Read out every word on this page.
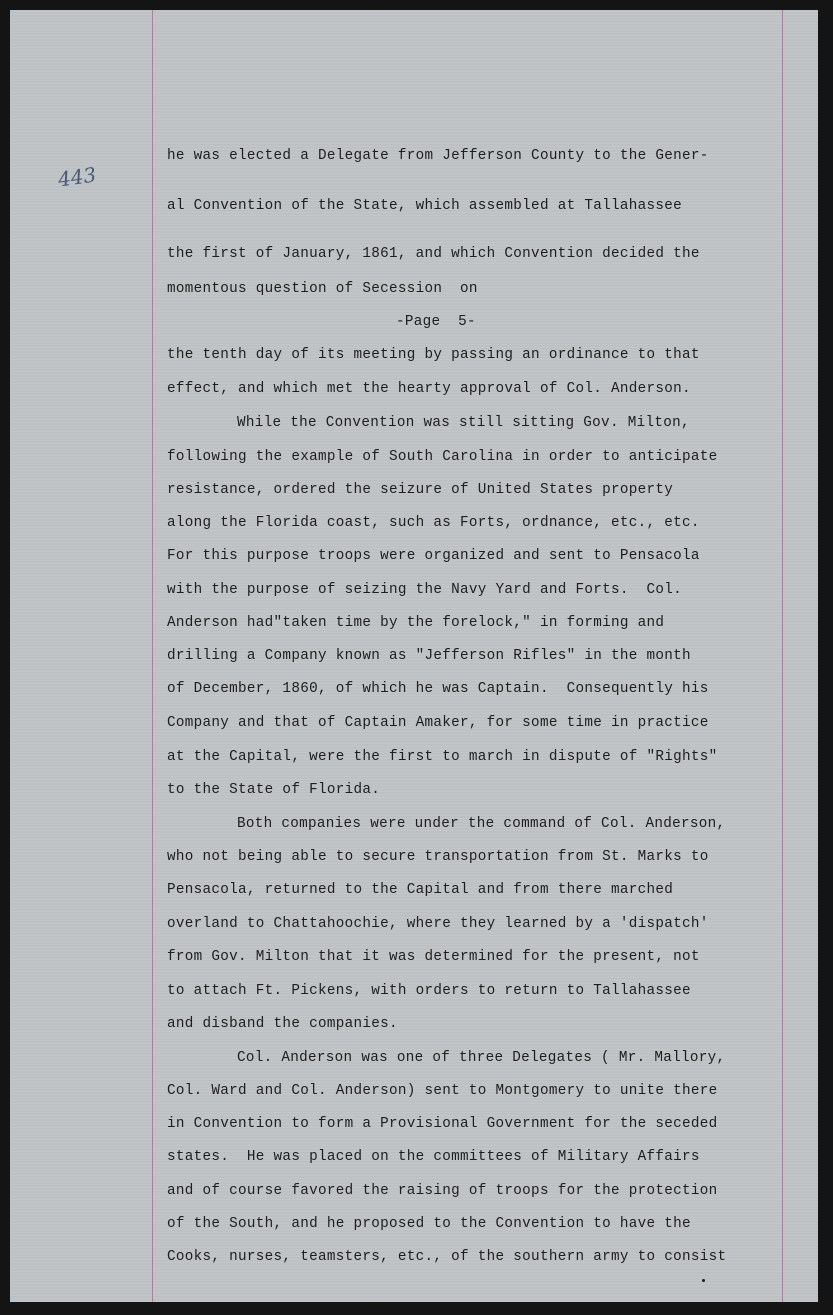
443
he was elected a Delegate from Jefferson County to the Gener-
al Convention of the State, which assembled at Tallahassee
the first of January, 1861, and which Convention decided the
momentous question of Secession  on
-Page  5-
the tenth day of its meeting by passing an ordinance to that
effect, and which met the hearty approval of Col. Anderson.
While the Convention was still sitting Gov. Milton,
following the example of South Carolina in order to anticipate
resistance, ordered the seizure of United States property
along the Florida coast, such as Forts, ordnance, etc., etc.
For this purpose troops were organized and sent to Pensacola
with the purpose of seizing the Navy Yard and Forts.  Col.
Anderson had"taken time by the forelock," in forming and
drilling a Company known as "Jefferson Rifles" in the month
of December, 1860, of which he was Captain.  Consequently his
Company and that of Captain Amaker, for some time in practice
at the Capital, were the first to march in dispute of "Rights"
to the State of Florida.
Both companies were under the command of Col. Anderson,
who not being able to secure transportation from St. Marks to
Pensacola, returned to the Capital and from there marched
overland to Chattahoochie, where they learned by a 'dispatch'
from Gov. Milton that it was determined for the present, not
to attach Ft. Pickens, with orders to return to Tallahassee
and disband the companies.
Col. Anderson was one of three Delegates ( Mr. Mallory,
Col. Ward and Col. Anderson) sent to Montgomery to unite there
in Convention to form a Provisional Government for the seceded
states.  He was placed on the committees of Military Affairs
and of course favored the raising of troops for the protection
of the South, and he proposed to the Convention to have the
Cooks, nurses, teamsters, etc., of the southern army to consist
